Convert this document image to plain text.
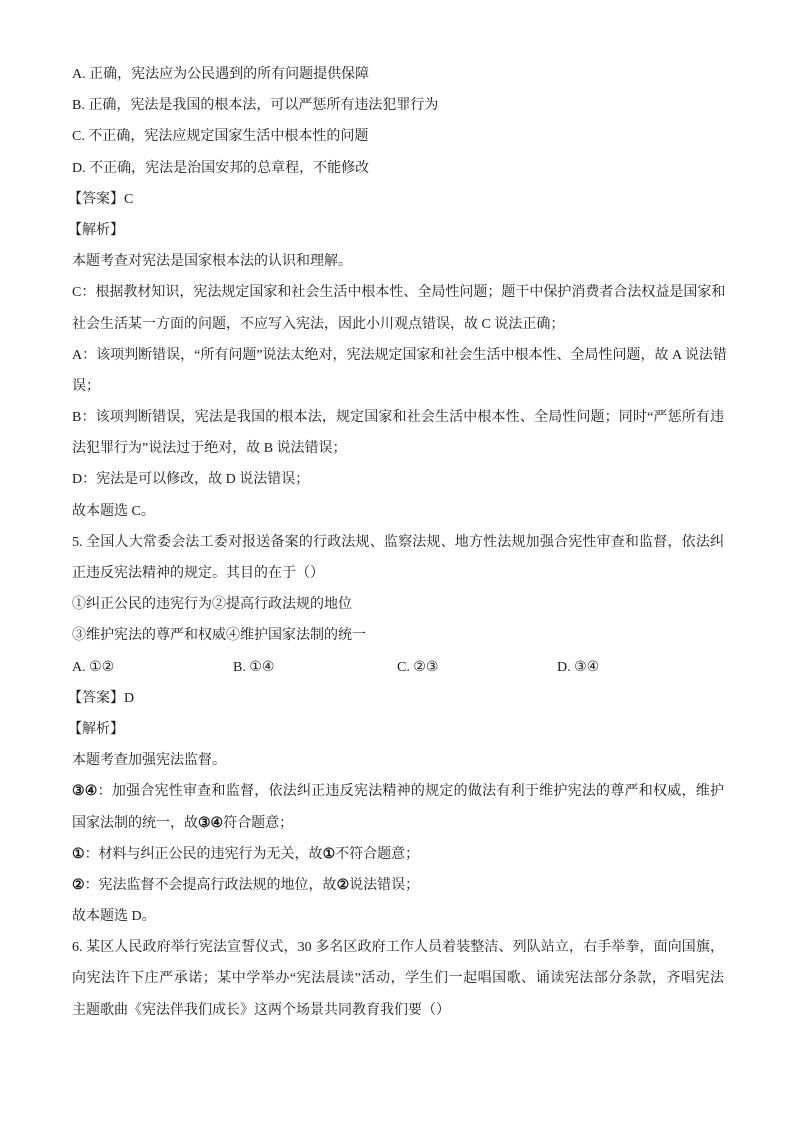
A. 正确，宪法应为公民遇到的所有问题提供保障

B. 正确，宪法是我国的根本法，可以严惩所有违法犯罪行为

C. 不正确，宪法应规定国家生活中根本性的问题

D. 不正确，宪法是治国安邦的总章程，不能修改

【答案】C

【解析】

本题考查对宪法是国家根本法的认识和理解。

C：根据教材知识，宪法规定国家和社会生活中根本性、全局性问题；题干中保护消费者合法权益是国家和

社会生活某一方面的问题，不应写入宪法，因此小川观点错误，故 C 说法正确；

A：该项判断错误，“所有问题”说法太绝对，宪法规定国家和社会生活中根本性、全局性问题，故 A 说法错

误；

B：该项判断错误，宪法是我国的根本法，规定国家和社会生活中根本性、全局性问题；同时“严惩所有违

法犯罪行为”说法过于绝对，故 B 说法错误；

D：宪法是可以修改，故 D 说法错误；

故本题选 C。

5. 全国人大常委会法工委对报送备案的行政法规、监察法规、地方性法规加强合宪性审查和监督，依法纠

正违反宪法精神的规定。其目的在于（）

①纠正公民的违宪行为②提高行政法规的地位

③维护宪法的尊严和权威④维护国家法制的统一

A. ①②	B. ①④	C. ②③	D. ③④

【答案】D

【解析】

本题考查加强宪法监督。

③④：加强合宪性审查和监督，依法纠正违反宪法精神的规定的做法有利于维护宪法的尊严和权威，维护

国家法制的统一，故③④符合题意；

①：材料与纠正公民的违宪行为无关，故①不符合题意；

②：宪法监督不会提高行政法规的地位，故②说法错误；

故本题选 D。

6. 某区人民政府举行宪法宣誓仪式，30 多名区政府工作人员着装整洁、列队站立，右手举拳，面向国旗，

向宪法许下庄严承诺；某中学举办“宪法晨读”活动，学生们一起唱国歌、诵读宪法部分条款，齐唱宪法

主题歌曲《宪法伴我们成长》这两个场景共同教育我们要（）
